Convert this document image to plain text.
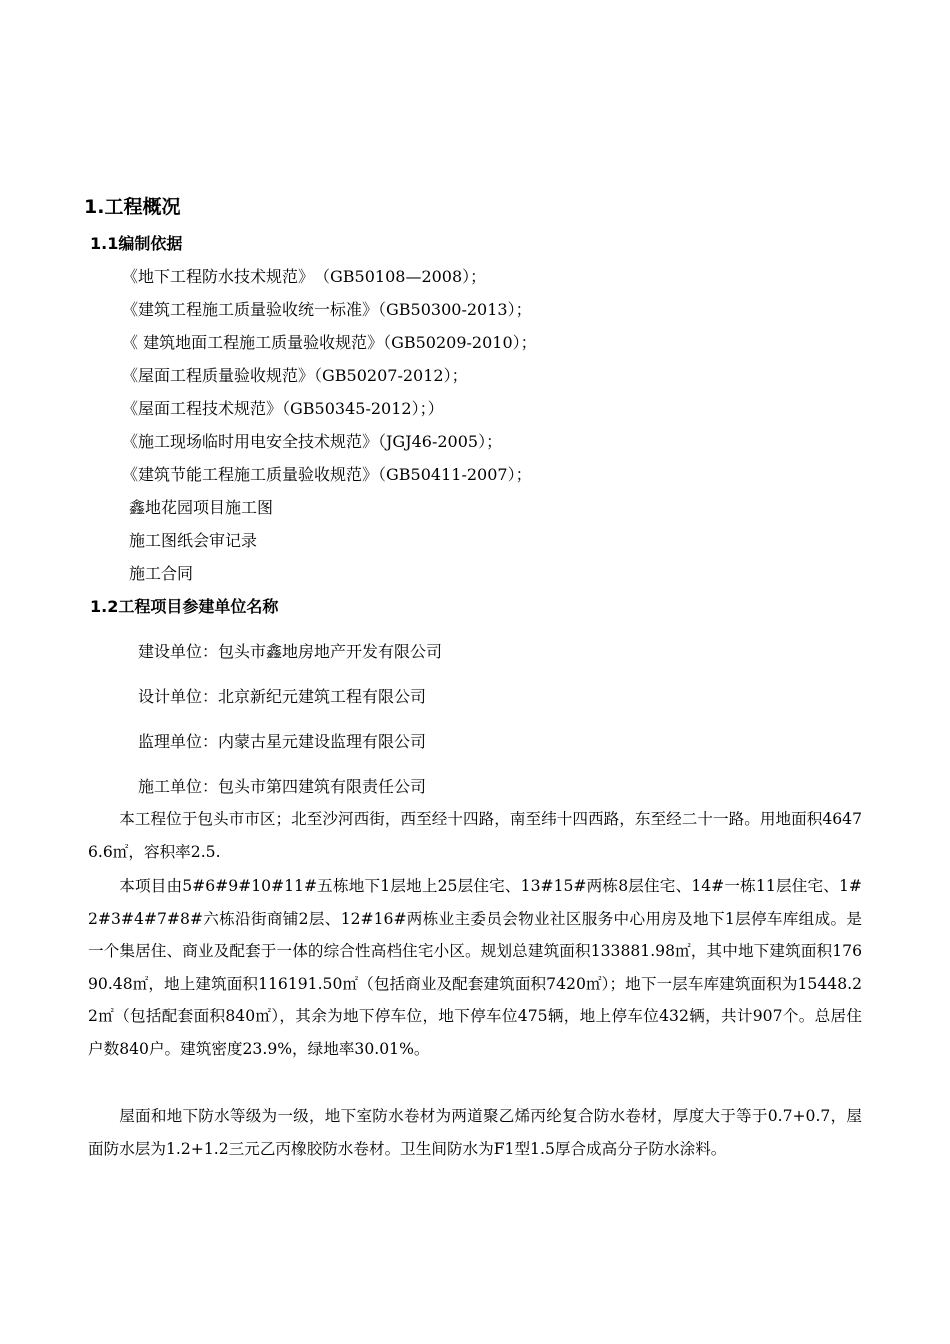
1.工程概况
1.1编制依据
《地下工程防水技术规范》　（GB50108—2008）；
《建筑工程施工质量验收统一标准》（GB50300-2013）；
《 建筑地面工程施工质量验收规范》（GB50209-2010）；
《屋面工程质量验收规范》（GB50207-2012）；
《屋面工程技术规范》（GB50345-2012）；）
《施工现场临时用电安全技术规范》（JGJ46-2005）；
《建筑节能工程施工质量验收规范》（GB50411-2007）；
鑫地花园项目施工图
施工图纸会审记录
施工合同
1.2工程项目参建单位名称
建设单位：包头市鑫地房地产开发有限公司
设计单位：北京新纪元建筑工程有限公司
监理单位：内蒙古星元建设监理有限公司
施工单位：包头市第四建筑有限责任公司

本工程位于包头市市区；北至沙河西街，西至经十四路，南至纬十四西路，东至经二十一路。用地面积46476.6㎡，容积率2.5.

本项目由5#6#9#10#11#五栋地下1层地上25层住宅、13#15#两栋8层住宅、14#一栋11层住宅、1#2#3#4#7#8#六栋沿街商铺2层、12#16#两栋业主委员会物业社区服务中心用房及地下1层停车库组成。是一个集居住、商业及配套于一体的综合性高档住宅小区。规划总建筑面积133881.98㎡，其中地下建筑面积17690.48㎡，地上建筑面积116191.50㎡（包括商业及配套建筑面积7420㎡）；地下一层车库建筑面积为15448.22㎡（包括配套面积840㎡），其余为地下停车位，地下停车位475辆，地上停车位432辆，共计907个。总居住户数840户。建筑密度23.9%，绿地率30.01%。

屋面和地下防水等级为一级，地下室防水卷材为两道聚乙烯丙纶复合防水卷材，厚度大于等于0.7+0.7，屋面防水层为1.2+1.2三元乙丙橡胶防水卷材。卫生间防水为F1型1.5厚合成高分子防水涂料。
